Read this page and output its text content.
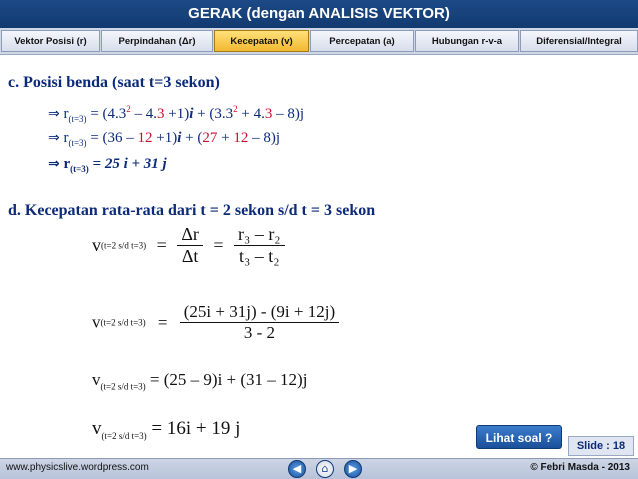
GERAK (dengan ANALISIS VEKTOR)
Vektor Posisi (r)	Perpindahan (Δr)	Kecepatan (v)	Percepatan (a)	Hubungan r-v-a	Diferensial/Integral
c. Posisi benda (saat t=3 sekon)
⇒ $r_{(t=3)} = (4.3^2 - 4.3 +1)i + (3.3^2 + 4.3 - 8)j$
⇒ $r_{(t=3)} = (36 - 12 +1)i + (27 + 12 - 8)j$
⇒ $r_{(t=3)} = 25$ i + 31 j
d. Kecepatan rata-rata dari t = 2 sekon s/d t = 3 sekon
v(t=2 s/d $t=3) = \frac{\Delta r}{\Delta t} = \frac{\text{r₃ – r₂}}{\text{t₃ – t₂}}$
v(t=2 s/d $t=3) = \frac{(25i + 31j) - (9i + 12j)}{3 - 2}$
$v_{(t=2 s/d t=3)} = (25 - 9)i + (31 - 12)j$
$v_{(t=2 s/d t=3)} = 16i + 19$ j	Lihat soal ?
Slide : 18
www.physicslive.wordpress.com	◀	⌂	▶	© Febri Masda - 2013
